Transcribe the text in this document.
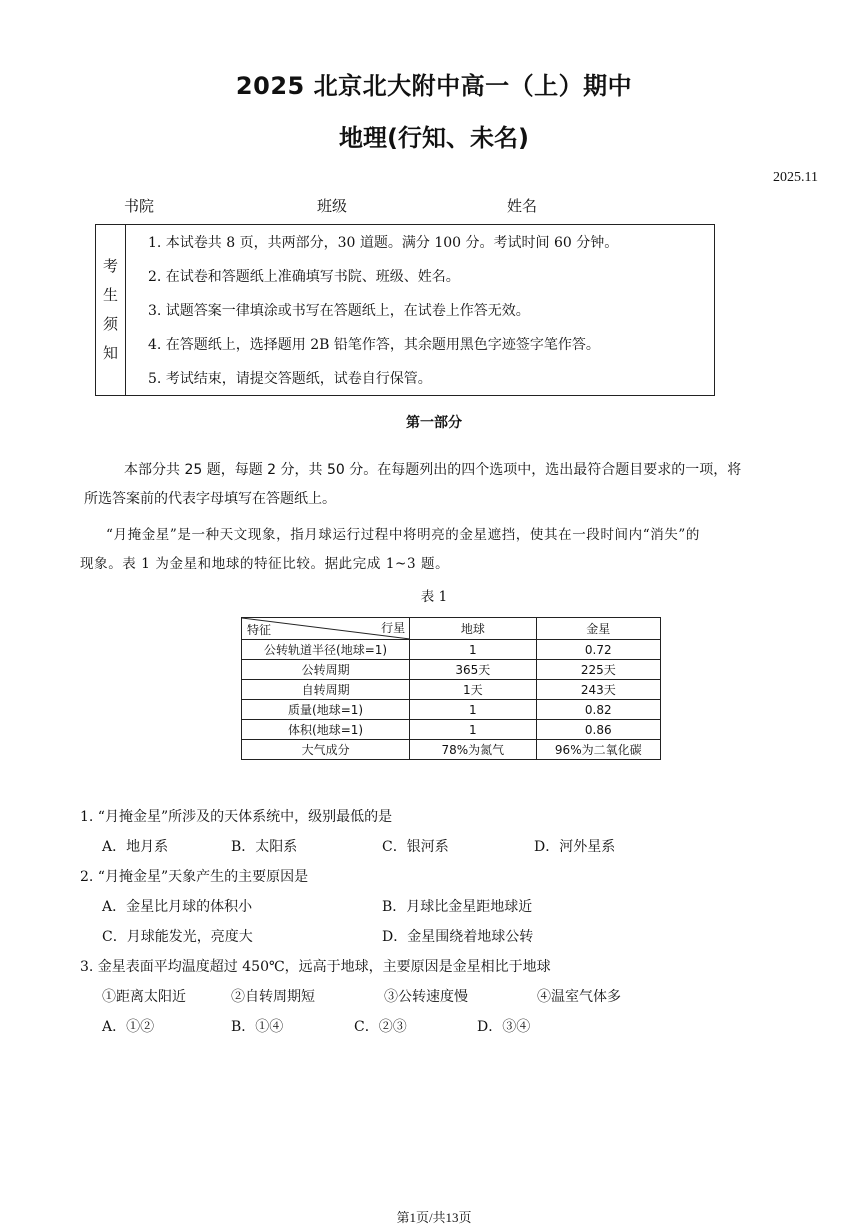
2025 北京北大附中高一（上）期中
地理(行知、未名)
2025.11
书院	班级	姓名
考
生
须
知
1. 本试卷共 8 页，共两部分，30 道题。满分 100 分。考试时间 60 分钟。
2. 在试卷和答题纸上准确填写书院、班级、姓名。
3. 试题答案一律填涂或书写在答题纸上，在试卷上作答无效。
4. 在答题纸上，选择题用 2B 铅笔作答，其余题用黑色字迹签字笔作答。
5. 考试结束，请提交答题纸，试卷自行保管。
第一部分
本部分共 25 题，每题 2 分，共 50 分。在每题列出的四个选项中，选出最符合题目要求的一项，将
所选答案前的代表字母填写在答题纸上。
“月掩金星”是一种天文现象，指月球运行过程中将明亮的金星遮挡，使其在一段时间内“消失”的
现象。表 1 为金星和地球的特征比较。据此完成 1~3 题。
表 1
特征 行星	地球	金星
公转轨道半径(地球=1)	1	0.72
公转周期	365天	225天
自转周期	1天	243天
质量(地球=1)	1	0.82
体积(地球=1)	1	0.86
大气成分	78%为氮气	96%为二氧化碳
1. “月掩金星”所涉及的天体系统中，级别最低的是
A．地月系	B．太阳系	C．银河系	D．河外星系
2. “月掩金星”天象产生的主要原因是
A．金星比月球的体积小	B．月球比金星距地球近
C．月球能发光，亮度大	D．金星围绕着地球公转
3. 金星表面平均温度超过 450℃，远高于地球，主要原因是金星相比于地球
①距离太阳近	②自转周期短	③公转速度慢	④温室气体多
A．①②	B．①④	C．②③	D．③④
第1页/共13页
